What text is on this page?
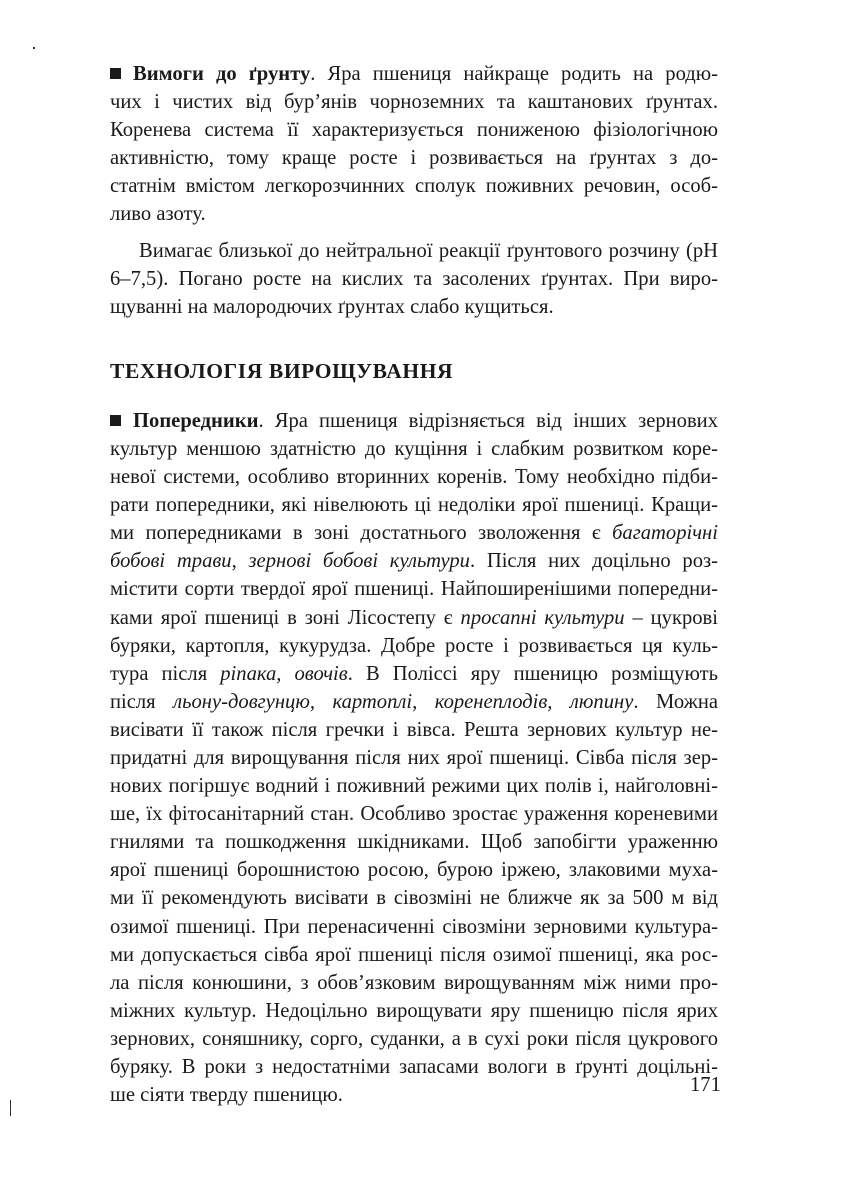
Вимоги до ґрунту. Яра пшениця найкраще родить на родю-
чих і чистих від бур’янів чорноземних та каштанових ґрунтах.
Коренева система її характеризується пониженою фізіологічною
активністю, тому краще росте і розвивається на ґрунтах з до-
статнім вмістом легкорозчинних сполук поживних речовин, особ-
ливо азоту.
Вимагає близької до нейтральної реакції ґрунтового розчину (рН
6–7,5). Погано росте на кислих та засолених ґрунтах. При виро-
щуванні на малородючих ґрунтах слабо кущиться.
ТЕХНОЛОГІЯ ВИРОЩУВАННЯ
Попередники. Яра пшениця відрізняється від інших зернових
культур меншою здатністю до кущіння і слабким розвитком коре-
невої системи, особливо вторинних коренів. Тому необхідно підби-
рати попередники, які нівелюють ці недоліки ярої пшениці. Кращи-
ми попередниками в зоні достатнього зволоження є багаторічні
бобові трави, зернові бобові культури. Після них доцільно роз-
містити сорти твердої ярої пшениці. Найпоширенішими попередни-
ками ярої пшениці в зоні Лісостепу є просапні культури – цукрові
буряки, картопля, кукурудза. Добре росте і розвивається ця куль-
тура після ріпака, овочів. В Поліссі яру пшеницю розміщують
після льону-довгунцю, картоплі, коренеплодів, люпину. Можна
висівати її також після гречки і вівса. Решта зернових культур не-
придатні для вирощування після них ярої пшениці. Сівба після зер-
нових погіршує водний і поживний режими цих полів і, найголовні-
ше, їх фітосанітарний стан. Особливо зростає ураження кореневими
гнилями та пошкодження шкідниками. Щоб запобігти ураженню
ярої пшениці борошнистою росою, бурою іржею, злаковими муха-
ми її рекомендують висівати в сівозміні не ближче як за 500 м від
озимої пшениці. При перенасиченні сівозміни зерновими культура-
ми допускається сівба ярої пшениці після озимої пшениці, яка рос-
ла після конюшини, з обов’язковим вирощуванням між ними про-
міжних культур. Недоцільно вирощувати яру пшеницю після ярих
зернових, соняшнику, сорго, суданки, а в сухі роки після цукрового
буряку. В роки з недостатніми запасами вологи в ґрунті доцільні-
ше сіяти тверду пшеницю.	171
